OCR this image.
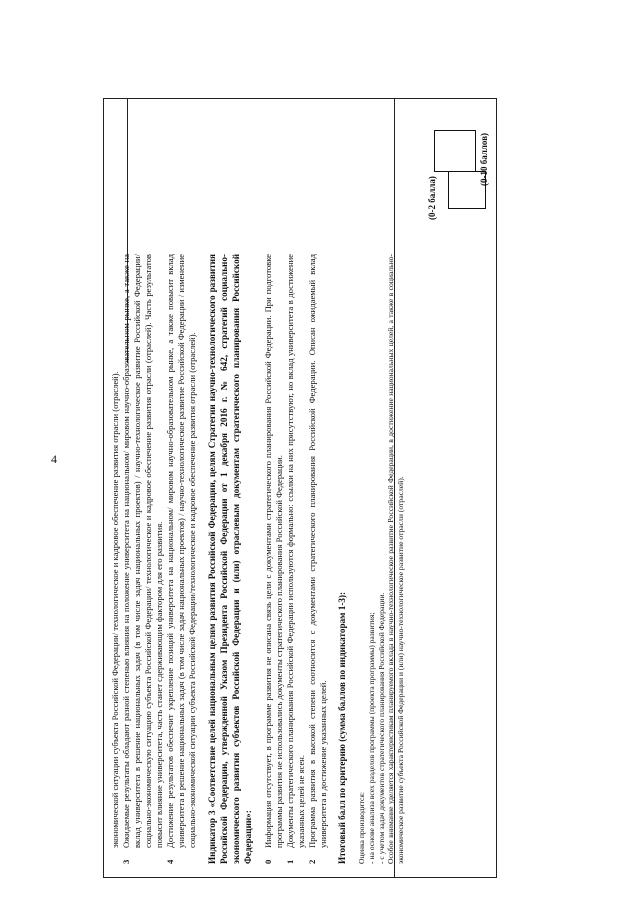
4	экономической ситуации субъекта Российской Федерации/ технологическое и кадровое обеспечение развития отрасли (отраслей).
3
Ожидаемые результаты обладают разной степенью влияния на положение университета на национальном/ мировом научно-образовательном рынке, а также на вклад университета в решение национальных задач (в том числе задач национальных проектов) / научно-технологическое развитие Российской Федерации/ социально-экономическую ситуацию субъекта Российской Федерации/ технологическое и кадровое обеспечение развития отрасли (отраслей). Часть результатов повысит влияние университета, часть станет сдерживающим фактором для его развития.
4
Достижение результатов обеспечит укрепление позиций университета на национальном/ мировом научно-образовательном рынке, а также повысит вклад университета в решение национальных задач (в том числе задач национальных проектов) / научно-технологическое развитие Российской Федерации / изменение социально-экономической ситуации субъекта Российской Федерации/технологическое и кадровое обеспечение развития отрасли (отраслей). Индикатор 3 «Соответствие целей национальным целям развития Российской Федерации, целям Стратегии научно-технологического развития Российской Федерации, утвержденной Указом Президента Российской Федерации от 1 декабря 2016 г. № 642, стратегий социально-экономического развития субъектов Российской Федерации и (или) отраслевым документам стратегического планирования Российской Федерации»: 0
Информация отсутствует, в программе развития не описана связь цели с документами стратегического планирования Российской Федерации. При подготовке программы развития не использовались документы стратегического планирования Российской Федерации.
1
Документы стратегического планирования Российской Федерации используются формально: ссылки на них присутствуют, но вклад университета в достижение указанных целей не ясен.
2
Программа развития в высокой степени соотносится с документами стратегического планирования Российской Федерации. Описан ожидаемый вклад университета в достижение указанных целей. Итоговый балл по критерию (сумма баллов по индикаторам 1-3): Оценка производится: - на основе анализа всех разделов программы (проекта программы) развития; - с учетом задач документов стратегического планирования Российской Федерации. Особое внимание уделяется характеристикам планируемого вклада в научно-технологическое развитие Российской Федерации, в достижение национальных целей, а также в социально-экономическое развитие субъекта Российской Федерации и (или) научно-технологическое развитие отрасли (отраслей).

(0-2 балла)
(0-10 баллов)
